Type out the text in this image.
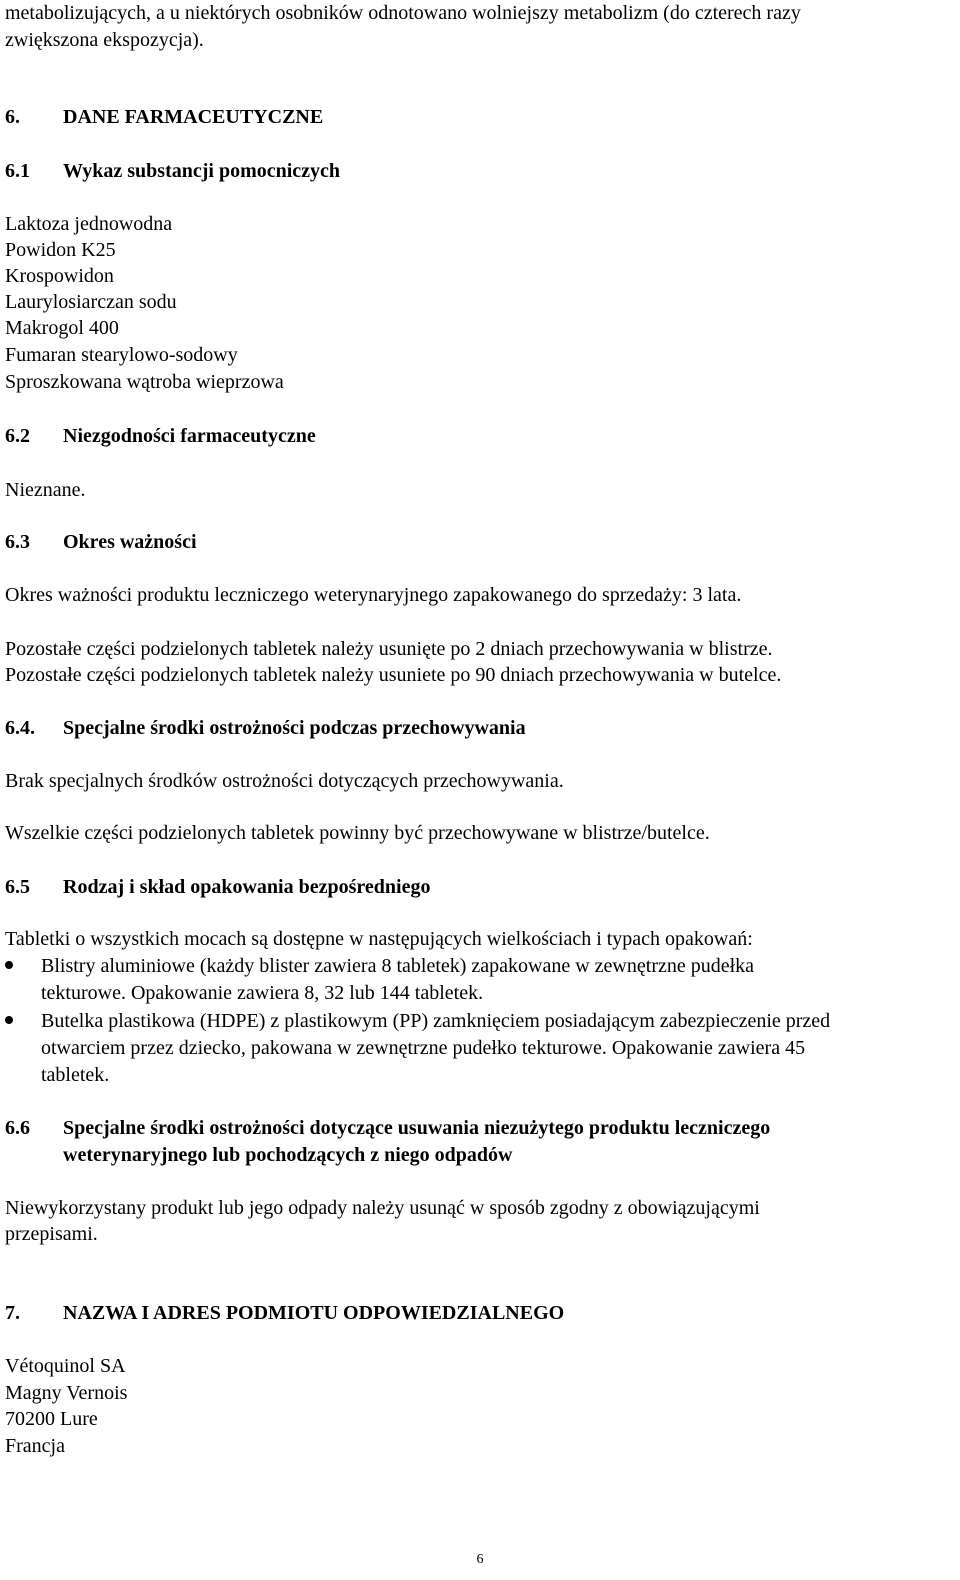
metabolizujących, a u niektórych osobników odnotowano wolniejszy metabolizm (do czterech razy
zwiększona ekspozycja).
6. DANE FARMACEUTYCZNE
6.1 Wykaz substancji pomocniczych
Laktoza jednowodna
Powidon K25
Krospowidon
Laurylosiarczan sodu
Makrogol 400
Fumaran stearylowo-sodowy
Sproszkowana wątroba wieprzowa
6.2 Niezgodności farmaceutyczne
Nieznane.
6.3 Okres ważności
Okres ważności produktu leczniczego weterynaryjnego zapakowanego do sprzedaży: 3 lata.
Pozostałe części podzielonych tabletek należy usunięte po 2 dniach przechowywania w blistrze.
Pozostałe części podzielonych tabletek należy usuniete po 90 dniach przechowywania w butelce.
6.4. Specjalne środki ostrożności podczas przechowywania
Brak specjalnych środków ostrożności dotyczących przechowywania.
Wszelkie części podzielonych tabletek powinny być przechowywane w blistrze/butelce.
6.5 Rodzaj i skład opakowania bezpośredniego
Tabletki o wszystkich mocach są dostępne w następujących wielkościach i typach opakowań:
Blistry aluminiowe (każdy blister zawiera 8 tabletek) zapakowane w zewnętrzne pudełka
tekturowe. Opakowanie zawiera 8, 32 lub 144 tabletek.
Butelka plastikowa (HDPE) z plastikowym (PP) zamknięciem posiadającym zabezpieczenie przed
otwarciem przez dziecko, pakowana w zewnętrzne pudełko tekturowe. Opakowanie zawiera 45
tabletek.
6.6 Specjalne środki ostrożności dotyczące usuwania niezużytego produktu leczniczego
weterynaryjnego lub pochodzących z niego odpadów
Niewykorzystany produkt lub jego odpady należy usunąć w sposób zgodny z obowiązującymi
przepisami.
7. NAZWA I ADRES PODMIOTU ODPOWIEDZIALNEGO
Vétoquinol SA
Magny Vernois
70200 Lure
Francja
6
